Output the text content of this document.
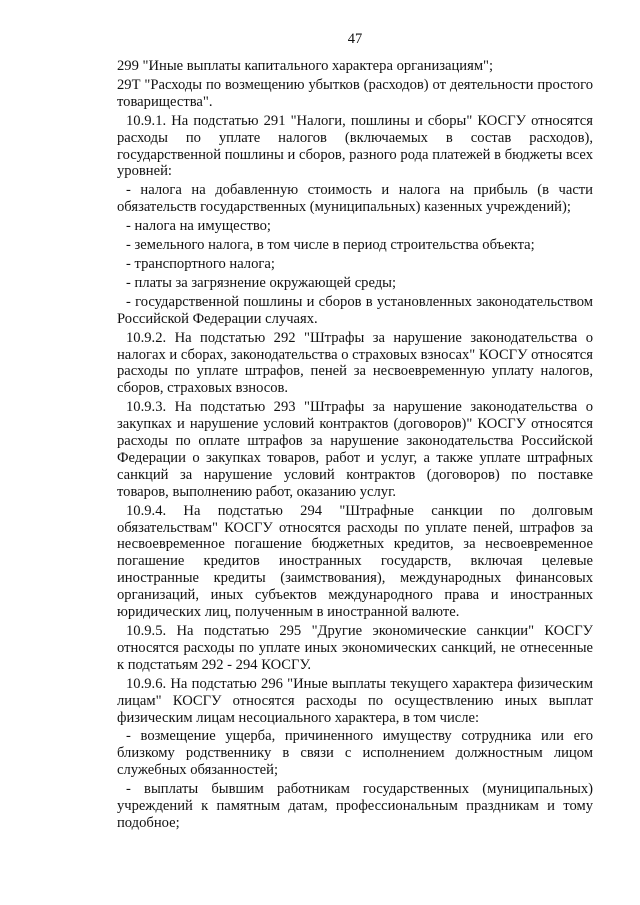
47

299 "Иные выплаты капитального характера организациям";

29Т "Расходы по возмещению убытков (расходов) от деятельности простого товарищества".

10.9.1. На подстатью 291 "Налоги, пошлины и сборы" КОСГУ относятся расходы по уплате налогов (включаемых в состав расходов), государственной пошлины и сборов, разного рода платежей в бюджеты всех уровней:

- налога на добавленную стоимость и налога на прибыль (в части обязательств государственных (муниципальных) казенных учреждений);

- налога на имущество;

- земельного налога, в том числе в период строительства объекта;

- транспортного налога;

- платы за загрязнение окружающей среды;

- государственной пошлины и сборов в установленных законодательством Российской Федерации случаях.

10.9.2. На подстатью 292 "Штрафы за нарушение законодательства о налогах и сборах, законодательства о страховых взносах" КОСГУ относятся расходы по уплате штрафов, пеней за несвоевременную уплату налогов, сборов, страховых взносов.

10.9.3. На подстатью 293 "Штрафы за нарушение законодательства о закупках и нарушение условий контрактов (договоров)" КОСГУ относятся расходы по оплате штрафов за нарушение законодательства Российской Федерации о закупках товаров, работ и услуг, а также уплате штрафных санкций за нарушение условий контрактов (договоров) по поставке товаров, выполнению работ, оказанию услуг.

10.9.4. На подстатью 294 "Штрафные санкции по долговым обязательствам" КОСГУ относятся расходы по уплате пеней, штрафов за несвоевременное погашение бюджетных кредитов, за несвоевременное погашение кредитов иностранных государств, включая целевые иностранные кредиты (заимствования), международных финансовых организаций, иных субъектов международного права и иностранных юридических лиц, полученным в иностранной валюте.

10.9.5. На подстатью 295 "Другие экономические санкции" КОСГУ относятся расходы по уплате иных экономических санкций, не отнесенные к подстатьям 292 - 294 КОСГУ.

10.9.6. На подстатью 296 "Иные выплаты текущего характера физическим лицам" КОСГУ относятся расходы по осуществлению иных выплат физическим лицам несоциального характера, в том числе:

- возмещение ущерба, причиненного имуществу сотрудника или его близкому родственнику в связи с исполнением должностным лицом служебных обязанностей;

- выплаты бывшим работникам государственных (муниципальных) учреждений к памятным датам, профессиональным праздникам и тому подобное;
